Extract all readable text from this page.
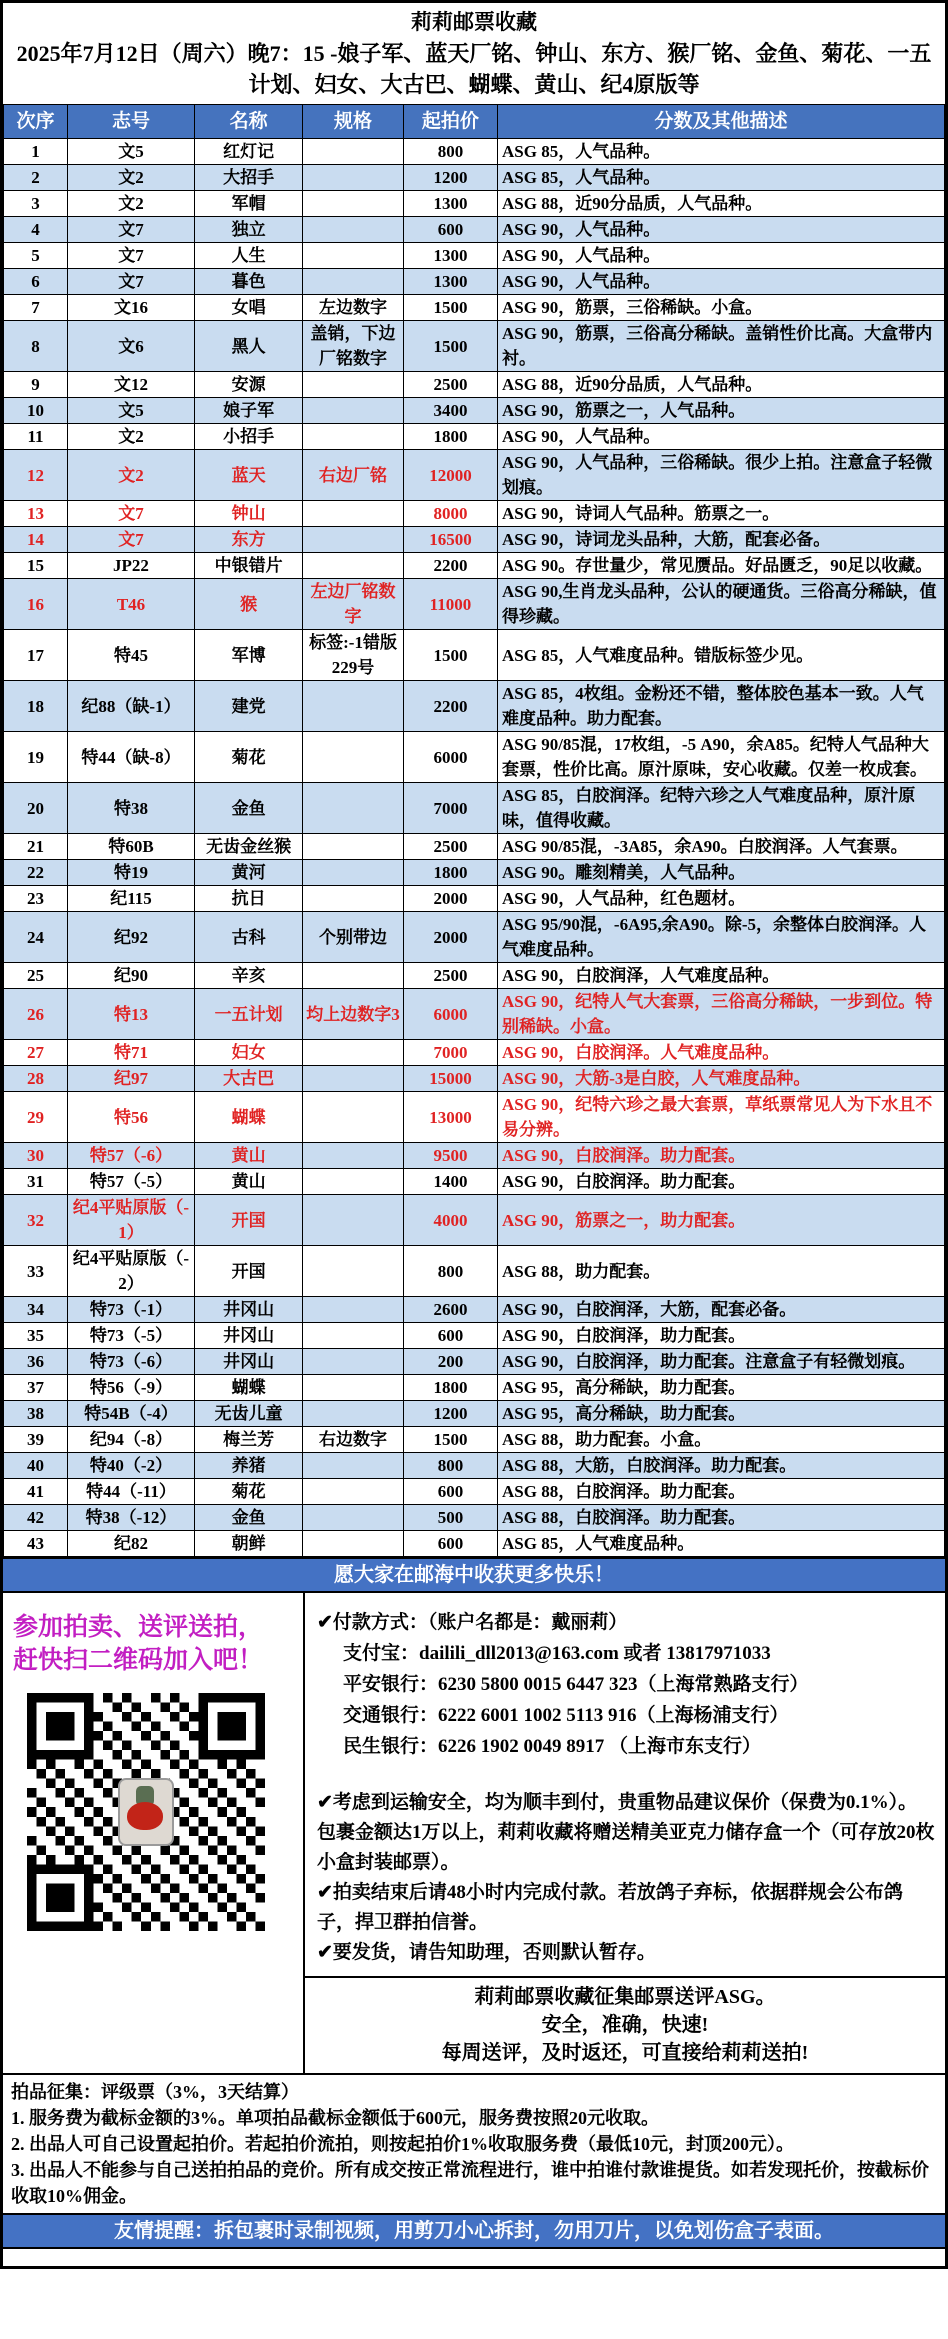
莉莉邮票收藏
2025年7月12日（周六）晚7：15 -娘子军、蓝天厂铭、钟山、东方、猴厂铭、金鱼、菊花、一五计划、妇女、大古巴、蝴蝶、黄山、纪4原版等
次序	志号	名称	规格	起拍价	分数及其他描述
1	文5	红灯记		800	ASG 85，人气品种。
2	文2	大招手		1200	ASG 85，人气品种。
3	文2	军帽		1300	ASG 88，近90分品质，人气品种。
4	文7	独立		600	ASG 90，人气品种。
5	文7	人生		1300	ASG 90，人气品种。
6	文7	暮色		1300	ASG 90，人气品种。
7	文16	女唱	左边数字	1500	ASG 90，筋票，三俗稀缺。小盒。
8	文6	黑人	盖销，下边厂铭数字	1500	ASG 90，筋票，三俗高分稀缺。盖销性价比高。大盒带内衬。
9	文12	安源		2500	ASG 88，近90分品质，人气品种。
10	文5	娘子军		3400	ASG 90，筋票之一，人气品种。
11	文2	小招手		1800	ASG 90，人气品种。
12	文2	蓝天	右边厂铭	12000	ASG 90，人气品种，三俗稀缺。很少上拍。注意盒子轻微划痕。
13	文7	钟山		8000	ASG 90，诗词人气品种。筋票之一。
14	文7	东方		16500	ASG 90，诗词龙头品种，大筋，配套必备。
15	JP22	中银错片		2200	ASG 90。存世量少，常见赝品。好品匮乏，90足以收藏。
16	T46	猴	左边厂铭数字	11000	ASG 90,生肖龙头品种，公认的硬通货。三俗高分稀缺，值得珍藏。
17	特45	军博	标签:-1错版229号	1500	ASG 85，人气难度品种。错版标签少见。
18	纪88（缺-1）	建党		2200	ASG 85，4枚组。金粉还不错，整体胶色基本一致。人气难度品种。助力配套。
19	特44（缺-8）	菊花		6000	ASG 90/85混，17枚组，-5 A90，余A85。纪特人气品种大套票，性价比高。原汁原味，安心收藏。仅差一枚成套。
20	特38	金鱼		7000	ASG 85，白胶润泽。纪特六珍之人气难度品种，原汁原味，值得收藏。
21	特60B	无齿金丝猴		2500	ASG 90/85混，-3A85，余A90。白胶润泽。人气套票。
22	特19	黄河		1800	ASG 90。雕刻精美，人气品种。
23	纪115	抗日		2000	ASG 90，人气品种，红色题材。
24	纪92	古科	个别带边	2000	ASG 95/90混，-6A95,余A90。除-5，余整体白胶润泽。人气难度品种。
25	纪90	辛亥		2500	ASG 90，白胶润泽，人气难度品种。
26	特13	一五计划	均上边数字3	6000	ASG 90，纪特人气大套票，三俗高分稀缺，一步到位。特别稀缺。小盒。
27	特71	妇女		7000	ASG 90，白胶润泽。人气难度品种。
28	纪97	大古巴		15000	ASG 90，大筋-3是白胶，人气难度品种。
29	特56	蝴蝶		13000	ASG 90，纪特六珍之最大套票，草纸票常见人为下水且不易分辨。
30	特57（-6）	黄山		9500	ASG 90，白胶润泽。助力配套。
31	特57（-5）	黄山		1400	ASG 90，白胶润泽。助力配套。
32	纪4平贴原版（-1）	开国		4000	ASG 90，筋票之一，助力配套。
33	纪4平贴原版（-2）	开国		800	ASG 88，助力配套。
34	特73（-1）	井冈山		2600	ASG 90，白胶润泽，大筋，配套必备。
35	特73（-5）	井冈山		600	ASG 90，白胶润泽，助力配套。
36	特73（-6）	井冈山		200	ASG 90，白胶润泽，助力配套。注意盒子有轻微划痕。
37	特56（-9）	蝴蝶		1800	ASG 95，高分稀缺，助力配套。
38	特54B（-4）	无齿儿童		1200	ASG 95，高分稀缺，助力配套。
39	纪94（-8）	梅兰芳	右边数字	1500	ASG 88，助力配套。小盒。
40	特40（-2）	养猪		800	ASG 88，大筋，白胶润泽。助力配套。
41	特44（-11）	菊花		600	ASG 88，白胶润泽。助力配套。
42	特38（-12）	金鱼		500	ASG 88，白胶润泽。助力配套。
43	纪82	朝鲜		600	ASG 85，人气难度品种。
愿大家在邮海中收获更多快乐！
参加拍卖、送评送拍，
赶快扫二维码加入吧！
✔付款方式：（账户名都是：戴丽莉）
支付宝：dailili_dll2013@163.com 或者 13817971033
平安银行：6230 5800 0015 6447 323（上海常熟路支行）
交通银行：6222 6001 1002 5113 916（上海杨浦支行）
民生银行：6226 1902 0049 8917 （上海市东支行）
✔考虑到运输安全，均为顺丰到付，贵重物品建议保价（保费为0.1%）。包裹金额达1万以上，莉莉收藏将赠送精美亚克力储存盒一个（可存放20枚小盒封装邮票）。
✔拍卖结束后请48小时内完成付款。若放鸽子弃标，依据群规会公布鸽子，捍卫群拍信誉。
✔要发货，请告知助理，否则默认暂存。
莉莉邮票收藏征集邮票送评ASG。
安全，准确，快速!
每周送评，及时返还，可直接给莉莉送拍!
拍品征集：评级票（3%，3天结算）
1. 服务费为截标金额的3%。单项拍品截标金额低于600元，服务费按照20元收取。
2. 出品人可自己设置起拍价。若起拍价流拍，则按起拍价1%收取服务费（最低10元，封顶200元）。
3. 出品人不能参与自己送拍拍品的竞价。所有成交按正常流程进行，谁中拍谁付款谁提货。如若发现托价，按截标价收取10%佣金。
友情提醒：拆包裹时录制视频，用剪刀小心拆封，勿用刀片，以免划伤盒子表面。
